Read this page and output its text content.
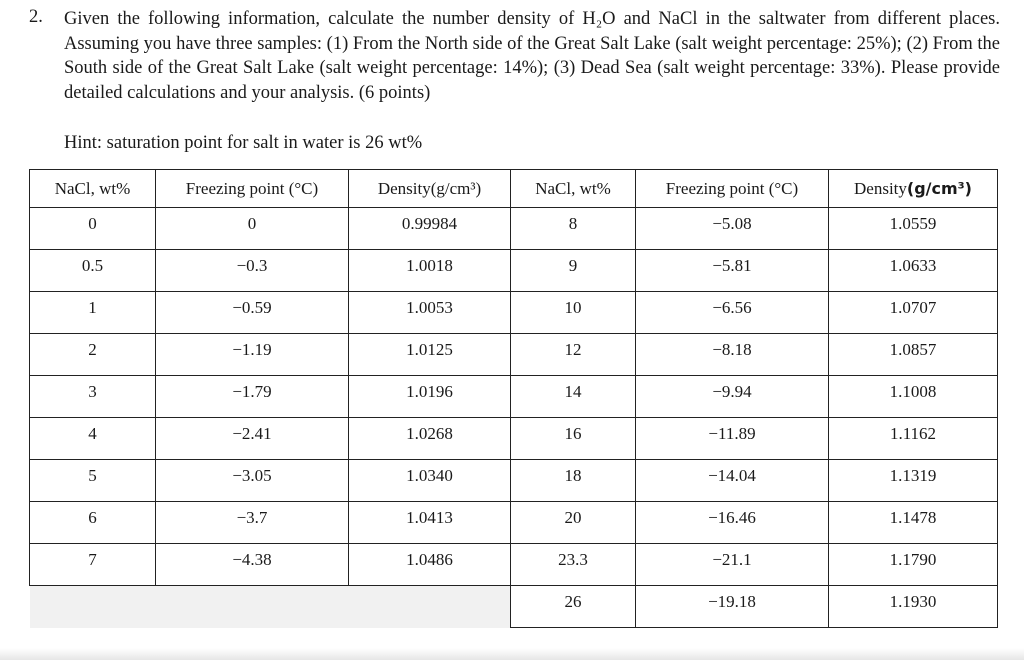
2. Given the following information, calculate the number density of H₂O and NaCl in the saltwater from different places. Assuming you have three samples: (1) From the North side of the Great Salt Lake (salt weight percentage: 25%); (2) From the South side of the Great Salt Lake (salt weight percentage: 14%); (3) Dead Sea (salt weight percentage: 33%). Please provide detailed calculations and your analysis. (6 points)
Hint: saturation point for salt in water is 26 wt%
NaCl, wt%	Freezing point (°C)	Density(g/cm³)	NaCl, wt%	Freezing point (°C)	Density(g/cm³)
0	0	0.99984	8	−5.08	1.0559
0.5	−0.3	1.0018	9	−5.81	1.0633
1	−0.59	1.0053	10	−6.56	1.0707
2	−1.19	1.0125	12	−8.18	1.0857
3	−1.79	1.0196	14	−9.94	1.1008
4	−2.41	1.0268	16	−11.89	1.1162
5	−3.05	1.0340	18	−14.04	1.1319
6	−3.7	1.0413	20	−16.46	1.1478
7	−4.38	1.0486	23.3	−21.1	1.1790
			26	−19.18	1.1930
